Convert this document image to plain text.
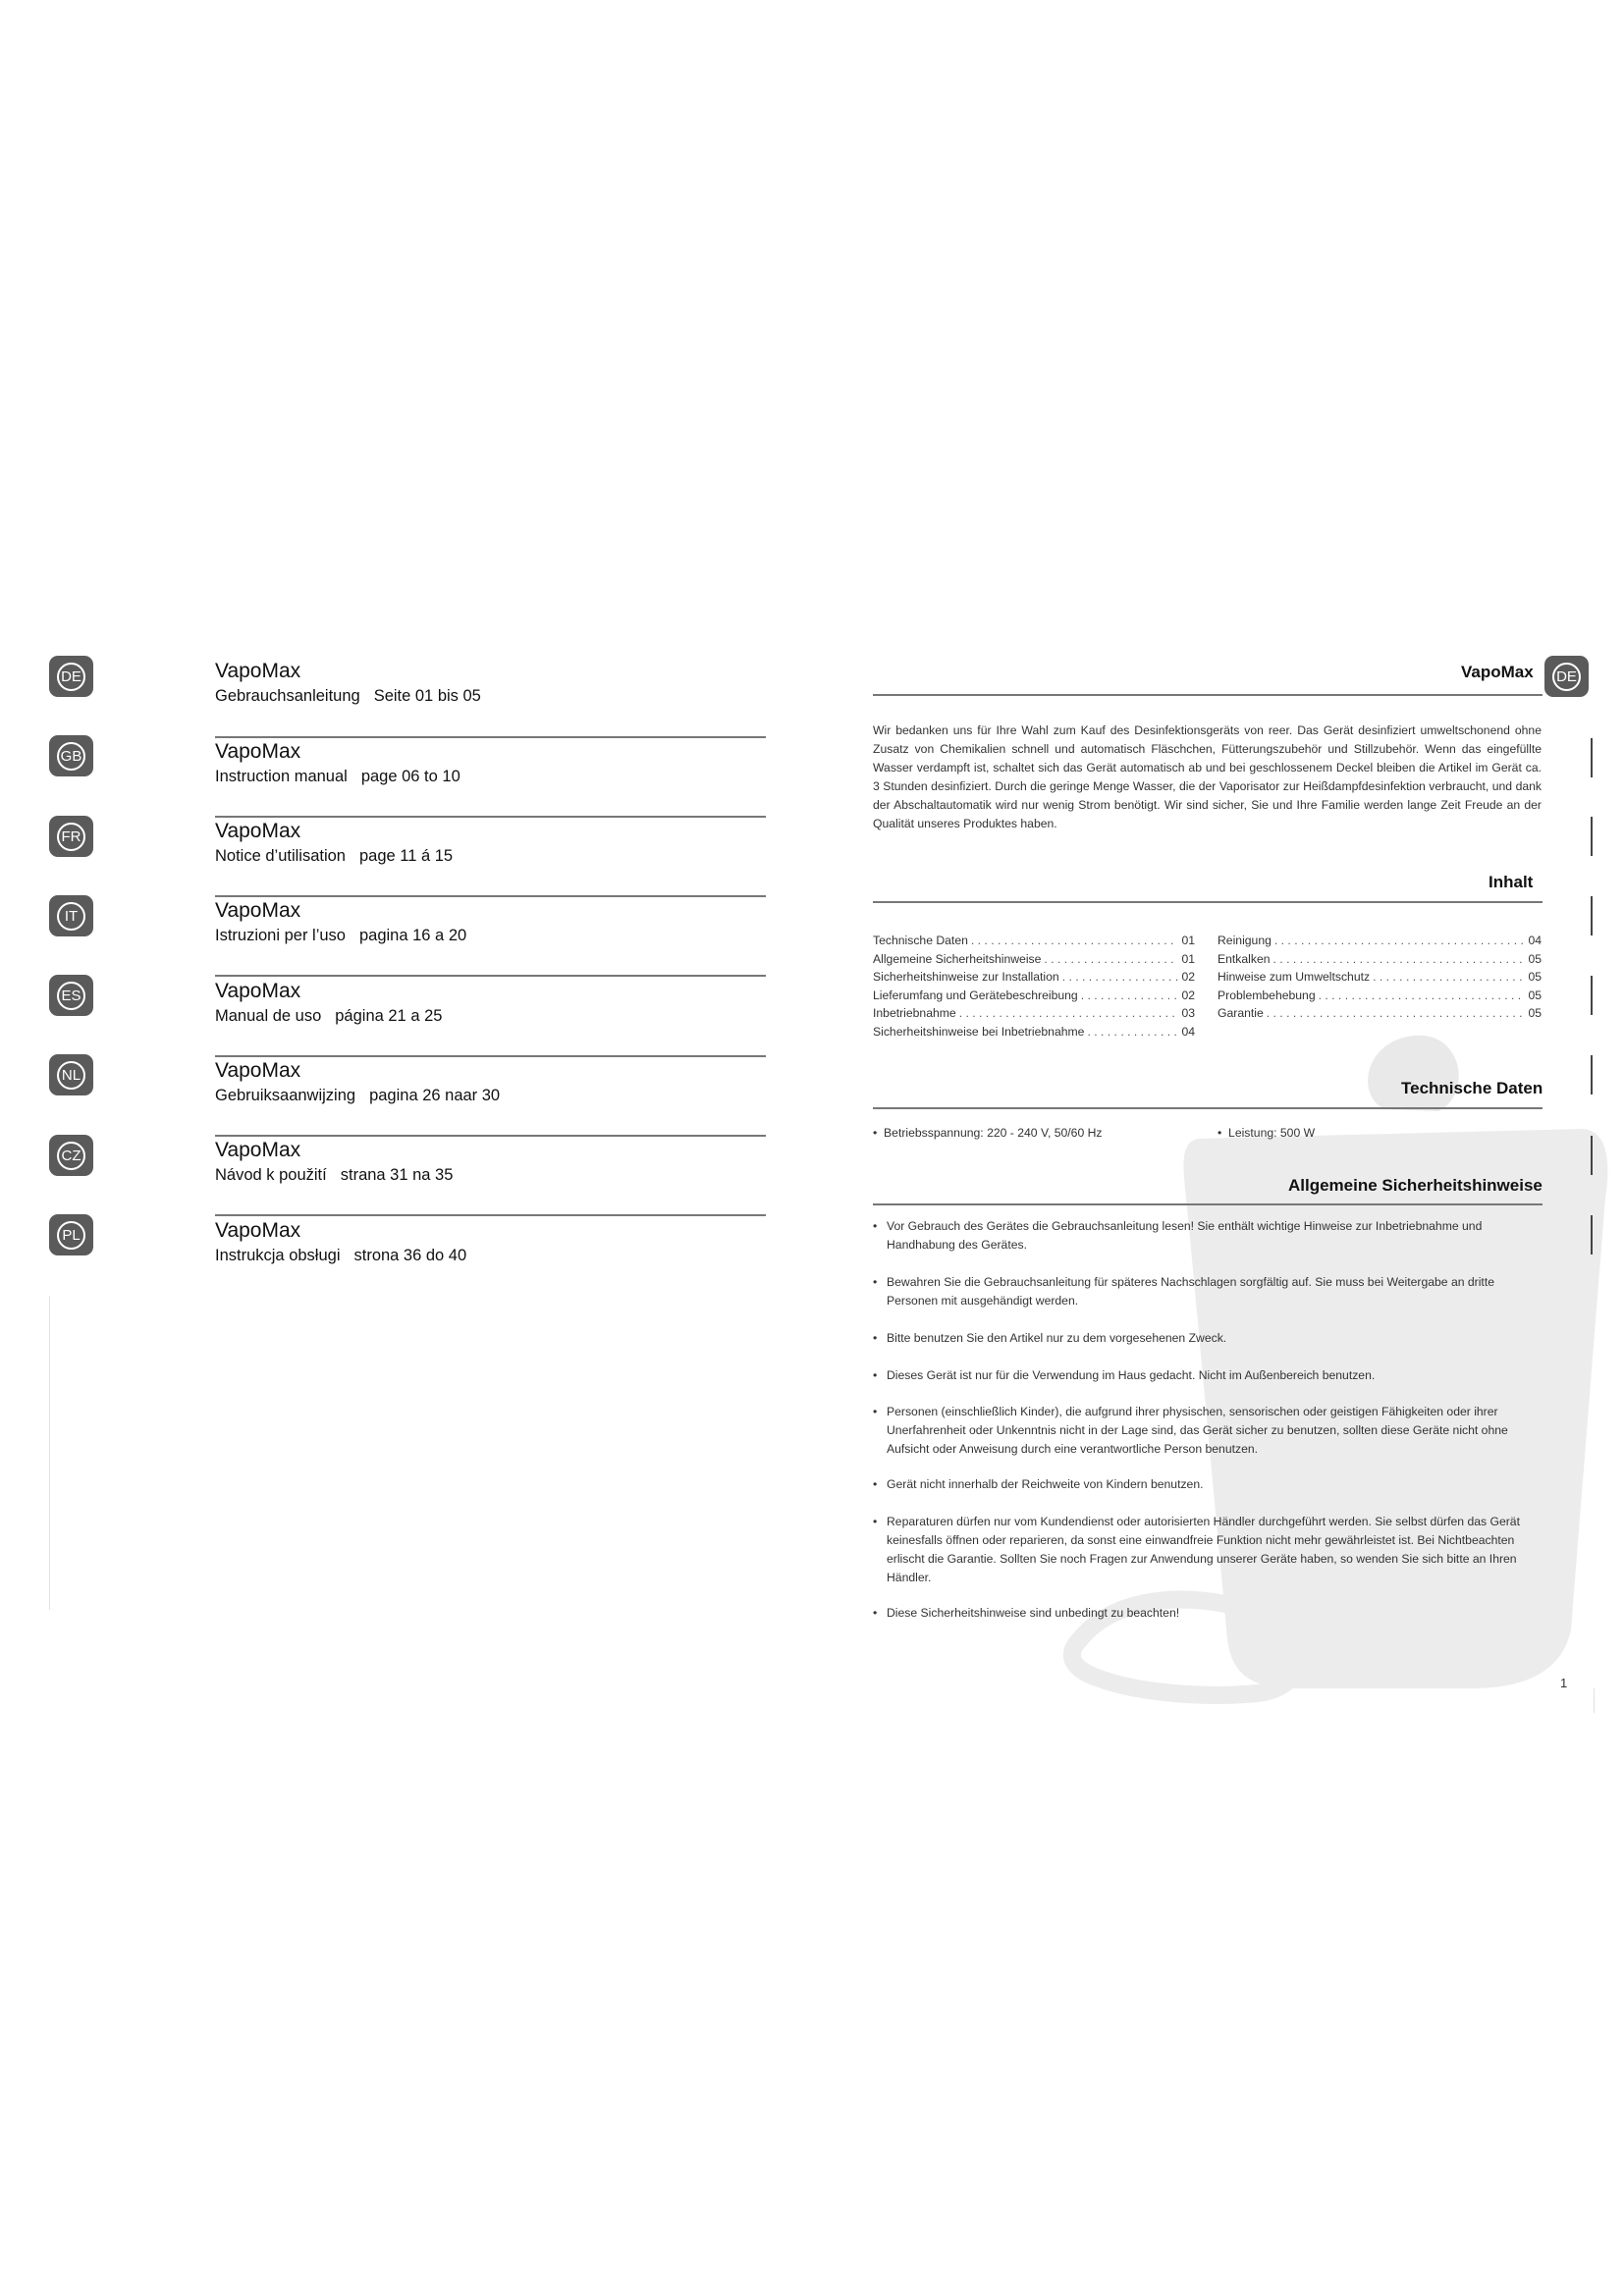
DE	VapoMax
Gebrauchsanleitung Seite 01 bis 05
GB	VapoMax
Instruction manual page 06 to 10
FR	VapoMax
Notice d’utilisation page 11 á 15
IT	VapoMax
Istruzioni per l’uso pagina 16 a 20
ES	VapoMax
Manual de uso página 21 a 25
NL	VapoMax
Gebruiksaanwijzing pagina 26 naar 30
CZ	VapoMax
Návod k použití strana 31 na 35
PL	VapoMax
Instrukcja obsługi strona 36 do 40
VapoMax DE
Wir bedanken uns für Ihre Wahl zum Kauf des Desinfektionsgeräts von reer. Das Gerät desinfiziert umweltschonend ohne Zusatz von Chemikalien schnell und automatisch Fläschchen, Fütterungszubehör und Stillzubehör. Wenn das eingefüllte Wasser verdampft ist, schaltet sich das Gerät automatisch ab und bei geschlossenem Deckel bleiben die Artikel im Gerät ca. 3 Stunden desinfiziert. Durch die geringe Menge Wasser, die der Vaporisator zur Heißdampfdesinfektion verbraucht, und dank der Abschaltautomatik wird nur wenig Strom benötigt. Wir sind sicher, Sie und Ihre Familie werden lange Zeit Freude an der Qualität unseres Produktes haben.
Inhalt
Technische Daten . . .	01
Allgemeine Sicherheitshinweise . . .	01
Sicherheitshinweise zur Installation . . .	02
Lieferumfang und Gerätebeschreibung . . .	02
Inbetriebnahme . . .	03
Sicherheitshinweise bei Inbetriebnahme . . .	04
Reinigung . . .	04
Entkalken . . .	05
Hinweise zum Umweltschutz . . .	05
Problembehebung . . .	05
Garantie . . .	05
Technische Daten
•  Betriebsspannung: 220 - 240 V, 50/60 Hz	•  Leistung: 500 W
Allgemeine Sicherheitshinweise
• Vor Gebrauch des Gerätes die Gebrauchsanleitung lesen! Sie enthält wichtige Hinweise zur Inbetriebnahme und Handhabung des Gerätes.
• Bewahren Sie die Gebrauchsanleitung für späteres Nachschlagen sorgfältig auf. Sie muss bei Weitergabe an dritte Personen mit ausgehändigt werden.
• Bitte benutzen Sie den Artikel nur zu dem vorgesehenen Zweck.
• Dieses Gerät ist nur für die Verwendung im Haus gedacht. Nicht im Außenbereich benutzen.
• Personen (einschließlich Kinder), die aufgrund ihrer physischen, sensorischen oder geistigen Fähigkeiten oder ihrer Unerfahrenheit oder Unkenntnis nicht in der Lage sind, das Gerät sicher zu benutzen, sollten diese Geräte nicht ohne Aufsicht oder Anweisung durch eine verantwortliche Person benutzen.
• Gerät nicht innerhalb der Reichweite von Kindern benutzen.
• Reparaturen dürfen nur vom Kundendienst oder autorisierten Händler durchgeführt werden. Sie selbst dürfen das Gerät keinesfalls öffnen oder reparieren, da sonst eine einwandfreie Funktion nicht mehr gewährleistet ist. Bei Nichtbeachten erlischt die Garantie. Sollten Sie noch Fragen zur Anwendung unserer Geräte haben, so wenden Sie sich bitte an Ihren Händler.
• Diese Sicherheitshinweise sind unbedingt zu beachten!
1
